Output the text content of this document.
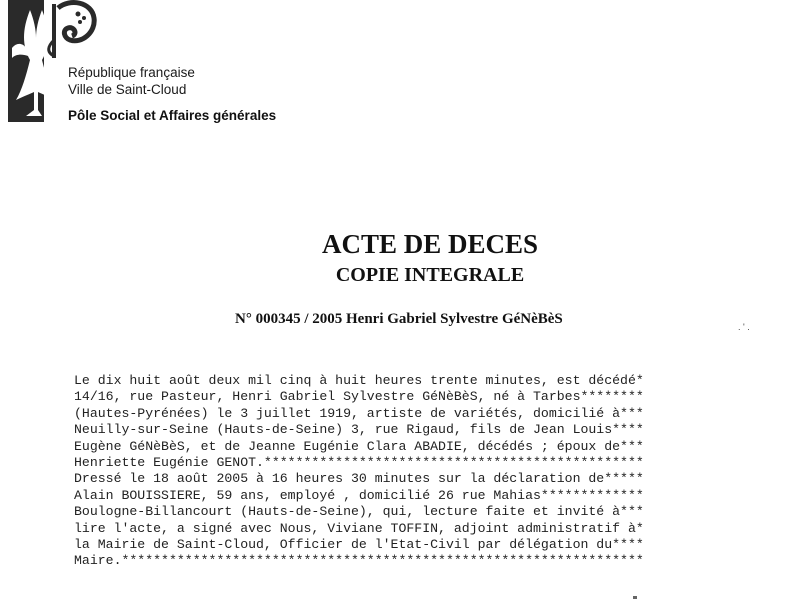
République française
Ville de Saint-Cloud
Pôle Social et Affaires générales
ACTE DE DECES
COPIE INTEGRALE
N° 000345 / 2005 Henri Gabriel Sylvestre GéNèBèS	. ' .
Le dix huit août deux mil cinq à huit heures trente minutes, est décédé*
14/16, rue Pasteur, Henri Gabriel Sylvestre GéNèBèS, né à Tarbes********
(Hautes-Pyrénées) le 3 juillet 1919, artiste de variétés, domicilié à***
Neuilly-sur-Seine (Hauts-de-Seine) 3, rue Rigaud, fils de Jean Louis****
Eugène GéNèBèS, et de Jeanne Eugénie Clara ABADIE, décédés ; époux de***
Henriette Eugénie GENOT.************************************************
Dressé le 18 août 2005 à 16 heures 30 minutes sur la déclaration de*****
Alain BOUISSIERE, 59 ans, employé , domicilié 26 rue Mahias*************
Boulogne-Billancourt (Hauts-de-Seine), qui, lecture faite et invité à***
lire l'acte, a signé avec Nous, Viviane TOFFIN, adjoint administratif à*
la Mairie de Saint-Cloud, Officier de l'Etat-Civil par délégation du****
Maire.******************************************************************
